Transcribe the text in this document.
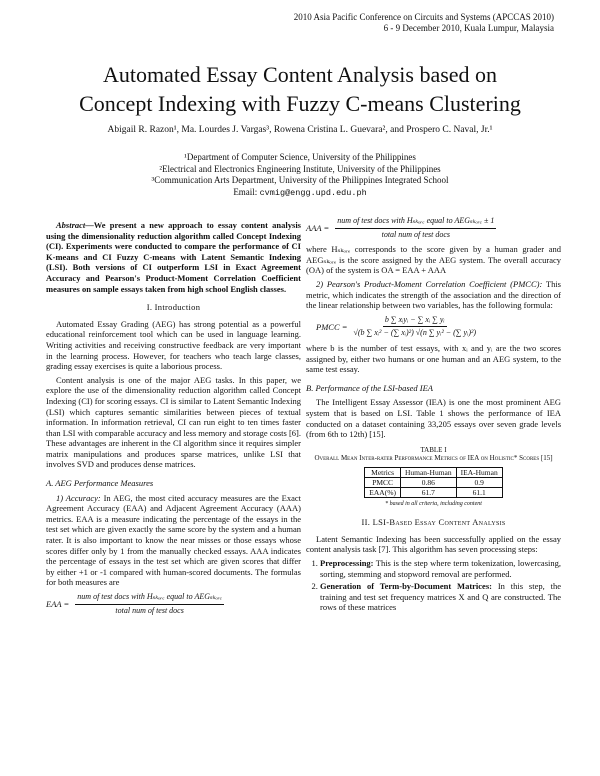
2010 Asia Pacific Conference on Circuits and Systems (APCCAS 2010)
6 - 9 December 2010, Kuala Lumpur, Malaysia
Automated Essay Content Analysis based on
Concept Indexing with Fuzzy C-means Clustering
Abigail R. Razon¹, Ma. Lourdes J. Vargas³, Rowena Cristina L. Guevara², and Prospero C. Naval, Jr.¹
¹Department of Computer Science, University of the Philippines
²Electrical and Electronics Engineering Institute, University of the Philippines
³Communication Arts Department, University of the Philippines Integrated School
Email: cvmig@engg.upd.edu.ph

Abstract—We present a new approach to essay content analysis using the dimensionality reduction algorithm called Concept Indexing (CI). Experiments were conducted to compare the performance of CI K-means and CI Fuzzy C-means with Latent Semantic Indexing (LSI). Both versions of CI outperform LSI in Exact Agreement Accuracy and Pearson's Product-Moment Correlation Coefficient measures on sample essays taken from high school English classes.

I. Introduction

Automated Essay Grading (AEG) has strong potential as a powerful educational reinforcement tool which can be used in language learning. Writing activities and receiving constructive feedback are very important in the learning process. However, for teachers who teach large classes, grading essay exercises is quite a laborious process.

Content analysis is one of the major AEG tasks. In this paper, we explore the use of the dimensionality reduction algorithm called Concept Indexing (CI) for scoring essays. CI is similar to Latent Semantic Indexing (LSI) which captures semantic similarities between pieces of textual information. In information retrieval, CI can run eight to ten times faster than LSI with comparable accuracy and less memory and storage costs [6]. These advantages are inherent in the CI algorithm since it requires simpler matrix manipulations and produces sparse matrices, unlike LSI that involves SVD and produces dense matrices.

A. AEG Performance Measures

1) Accuracy: In AEG, the most cited accuracy measures are the Exact Agreement Accuracy (EAA) and Adjacent Agreement Accuracy (AAA) metrics. EAA is a measure indicating the percentage of the essays in the test set which are given exactly the same score by the system and a human rater. It is also important to know the near misses or those essays whose scores differ only by 1 from the manually checked essays. AAA indicates the percentage of essays in the test set which are given scores that differ by either +1 or -1 compared with human-scored documents. The formulas for both measures are

EAA = $\frac{\text{num of test docs with Hₛₖₒᵣₑ equal to AEGₛₖₒᵣₑ}}{\text{total num of test docs}}$
AAA = $\frac{\text{num of test docs with Hₛₖₒᵣₑ equal to AEGₛₖₒᵣₑ ± 1}}{\text{total num of test docs}}$

where Hₛₖₒᵣₑ corresponds to the score given by a human grader and AEGₛₖₒᵣₑ is the score assigned by the AEG system. The overall accuracy (OA) of the system is OA = EAA + AAA

2) Pearson's Product-Moment Correlation Coefficient (PMCC): This metric, which indicates the strength of the association and the direction of the linear relationship between two variables, has the following formula:

PMCC = $\frac{\text{b ∑ xᵢyᵢ − ∑ xᵢ ∑ yᵢ}}{\text{√(b ∑ xᵢ² − (∑ xᵢ)²) √(n ∑ yᵢ² − (∑ yᵢ)²)}}$

where b is the number of test essays, with xᵢ and yᵢ are the two scores assigned by, either two humans or one human and an AEG system, to the same test essay.

B. Performance of the LSI-based IEA

The Intelligent Essay Assessor (IEA) is one the most prominent AEG system that is based on LSI. Table 1 shows the performance of IEA conducted on a dataset containing 33,205 essays over seven grade levels (from 6th to 12th) [15].

TABLE I
Overall Mean Inter-rater Performance Metrics of IEA on Holistic* Scores [15]
Metrics	Human-Human	IEA-Human
PMCC	0.86	0.9
EAA(%)	61.7	61.1
* based in all criteria, including content
II. LSI-Based Essay Content Analysis

Latent Semantic Indexing has been successfully applied on the essay content analysis task [7]. This algorithm has seven processing steps:

1. Preprocessing: This is the step where term tokenization, lowercasing, sorting, stemming and stopword removal are performed.
2. Generation of Term-by-Document Matrices: In this step, the training and test set frequency matrices X and Q are constructed. The rows of these matrices
